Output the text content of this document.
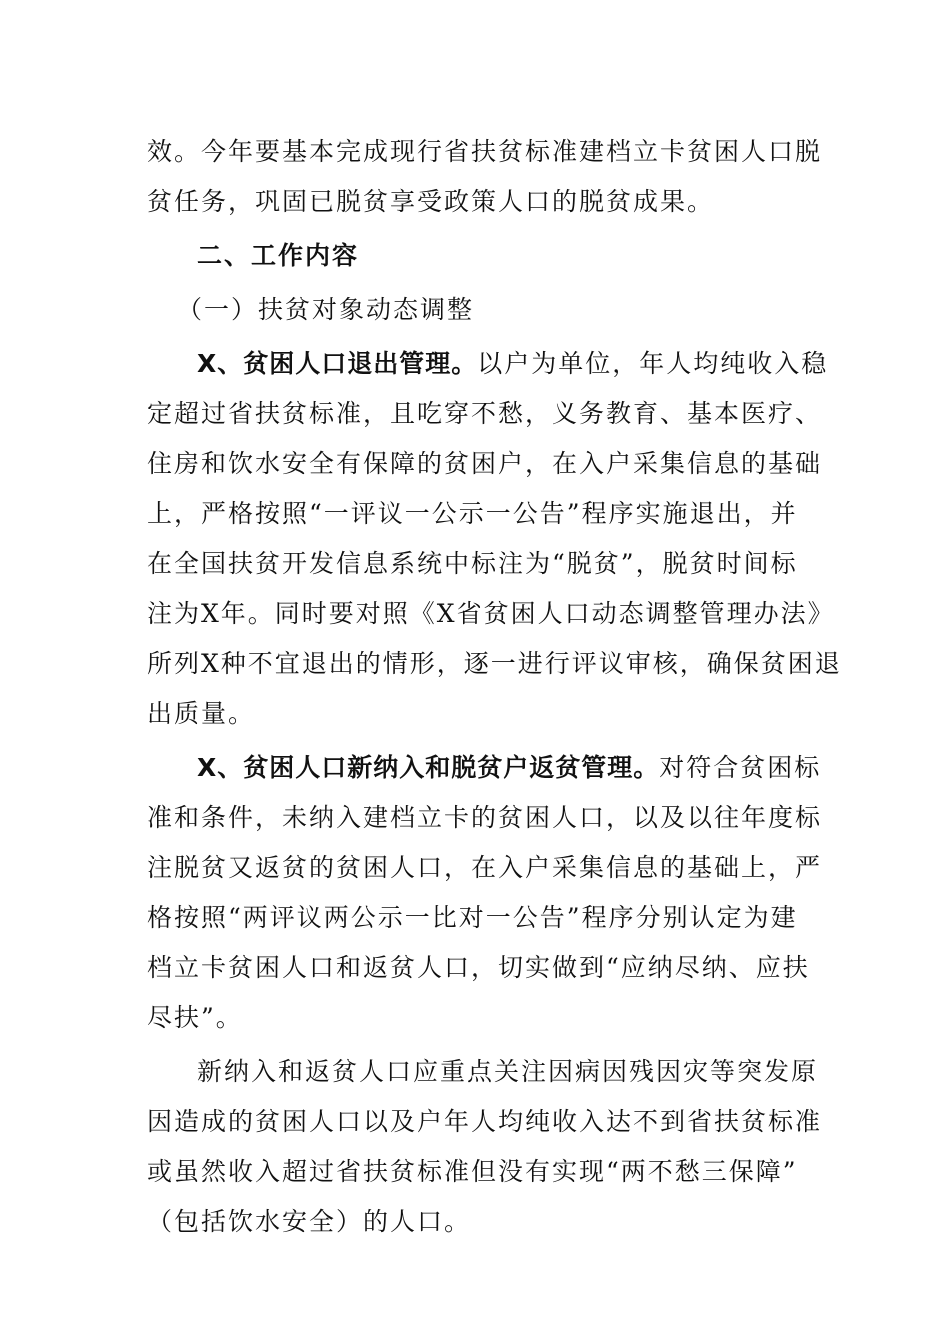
效。今年要基本完成现行省扶贫标准建档立卡贫困人口脱
贫任务，巩固已脱贫享受政策人口的脱贫成果。
二、工作内容
（一）扶贫对象动态调整
X、贫困人口退出管理。以户为单位，年人均纯收入稳
定超过省扶贫标准，且吃穿不愁，义务教育、基本医疗、
住房和饮水安全有保障的贫困户，在入户采集信息的基础
上，严格按照“一评议一公示一公告”程序实施退出，并
在全国扶贫开发信息系统中标注为“脱贫”，脱贫时间标
注为X年。同时要对照《X省贫困人口动态调整管理办法》
所列X种不宜退出的情形，逐一进行评议审核，确保贫困退
出质量。
X、贫困人口新纳入和脱贫户返贫管理。对符合贫困标
准和条件，未纳入建档立卡的贫困人口，以及以往年度标
注脱贫又返贫的贫困人口，在入户采集信息的基础上，严
格按照“两评议两公示一比对一公告”程序分别认定为建
档立卡贫困人口和返贫人口，切实做到“应纳尽纳、应扶
尽扶”。
新纳入和返贫人口应重点关注因病因残因灾等突发原
因造成的贫困人口以及户年人均纯收入达不到省扶贫标准
或虽然收入超过省扶贫标准但没有实现“两不愁三保障”
（包括饮水安全）的人口。
